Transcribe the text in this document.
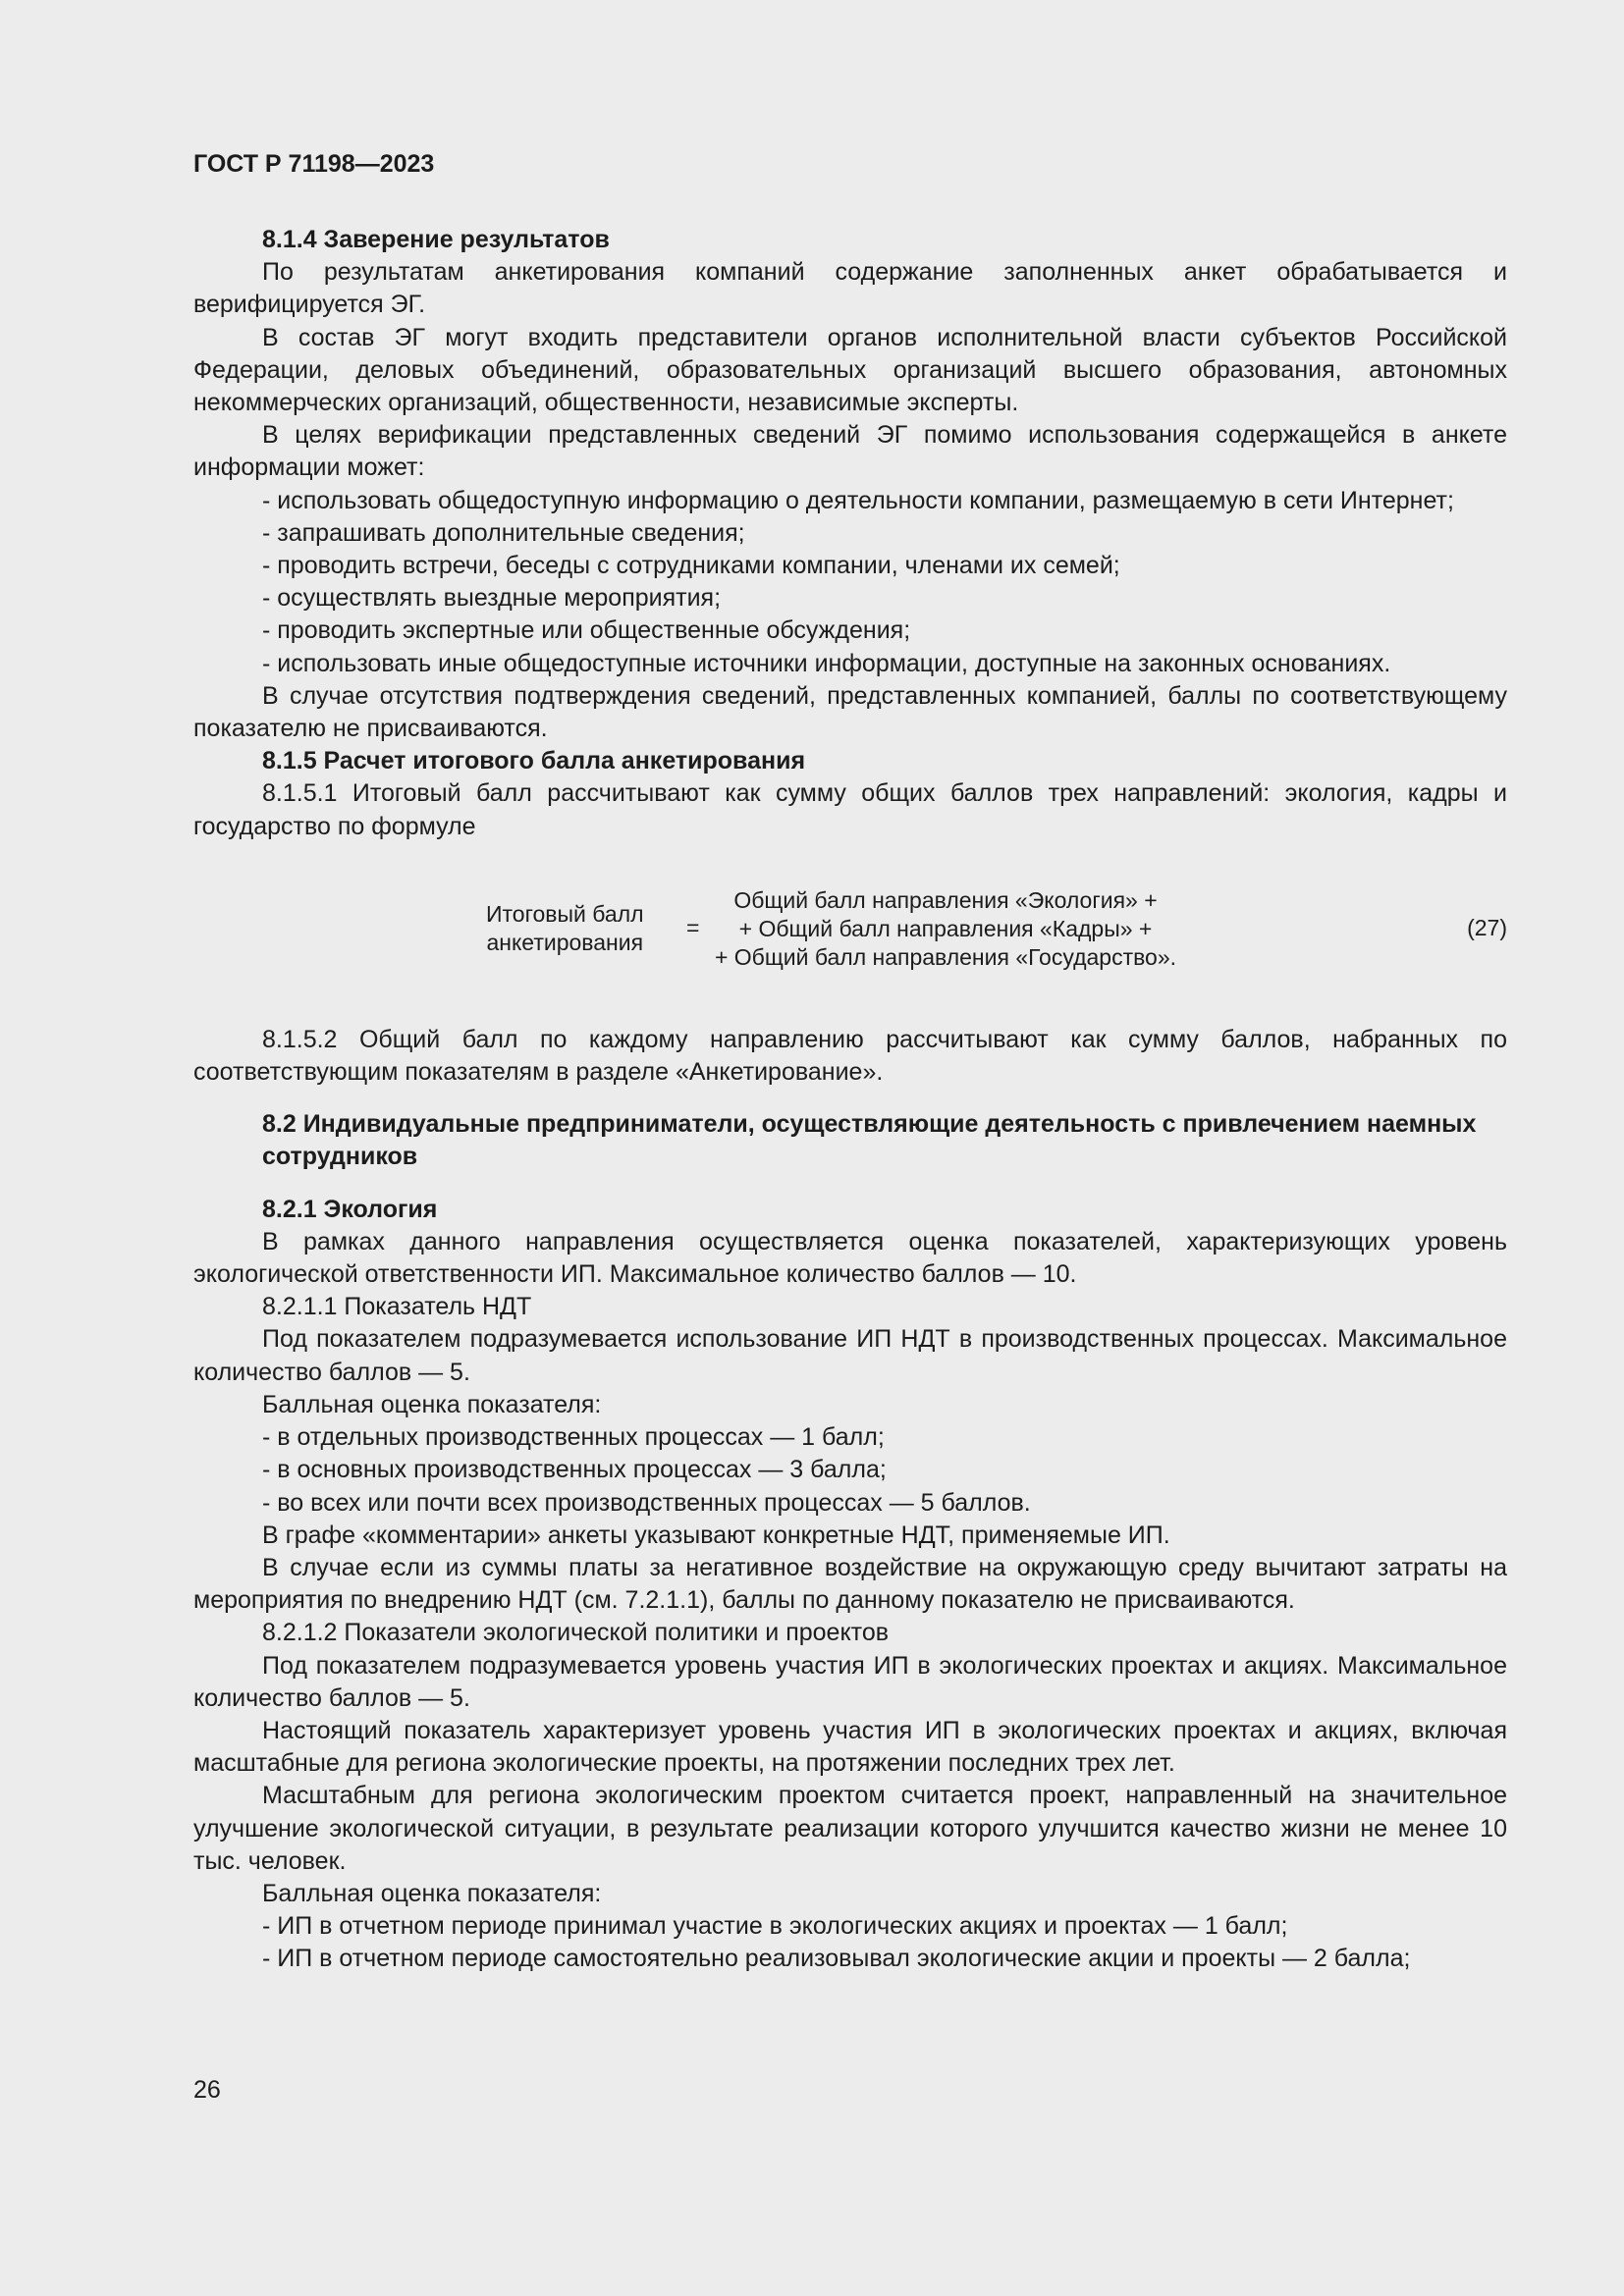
ГОСТ Р 71198—2023

8.1.4 Заверение результатов

По результатам анкетирования компаний содержание заполненных анкет обрабатывается и верифицируется ЭГ.

В состав ЭГ могут входить представители органов исполнительной власти субъектов Российской Федерации, деловых объединений, образовательных организаций высшего образования, автономных некоммерческих организаций, общественности, независимые эксперты.

В целях верификации представленных сведений ЭГ помимо использования содержащейся в анкете информации может:

- использовать общедоступную информацию о деятельности компании, размещаемую в сети Интернет;

- запрашивать дополнительные сведения;

- проводить встречи, беседы с сотрудниками компании, членами их семей;

- осуществлять выездные мероприятия;

- проводить экспертные или общественные обсуждения;

- использовать иные общедоступные источники информации, доступные на законных основаниях.

В случае отсутствия подтверждения сведений, представленных компанией, баллы по соответствующему показателю не присваиваются.

8.1.5 Расчет итогового балла анкетирования

8.1.5.1 Итоговый балл рассчитывают как сумму общих баллов трех направлений: экология, кадры и государство по формуле

Итоговый балл
анкетирования
=
Общий балл направления «Экология» +
+ Общий балл направления «Кадры» +
+ Общий балл направления «Государство».
(27)

8.1.5.2 Общий балл по каждому направлению рассчитывают как сумму баллов, набранных по соответствующим показателям в разделе «Анкетирование».

8.2 Индивидуальные предприниматели, осуществляющие деятельность с привлечением наемных сотрудников

8.2.1 Экология

В рамках данного направления осуществляется оценка показателей, характеризующих уровень экологической ответственности ИП. Максимальное количество баллов — 10.

8.2.1.1 Показатель НДТ

Под показателем подразумевается использование ИП НДТ в производственных процессах. Максимальное количество баллов — 5.

Балльная оценка показателя:

- в отдельных производственных процессах — 1 балл;

- в основных производственных процессах — 3 балла;

- во всех или почти всех производственных процессах — 5 баллов.

В графе «комментарии» анкеты указывают конкретные НДТ, применяемые ИП.

В случае если из суммы платы за негативное воздействие на окружающую среду вычитают затраты на мероприятия по внедрению НДТ (см. 7.2.1.1), баллы по данному показателю не присваиваются.

8.2.1.2 Показатели экологической политики и проектов

Под показателем подразумевается уровень участия ИП в экологических проектах и акциях. Максимальное количество баллов — 5.

Настоящий показатель характеризует уровень участия ИП в экологических проектах и акциях, включая масштабные для региона экологические проекты, на протяжении последних трех лет.

Масштабным для региона экологическим проектом считается проект, направленный на значительное улучшение экологической ситуации, в результате реализации которого улучшится качество жизни не менее 10 тыс. человек.

Балльная оценка показателя:

- ИП в отчетном периоде принимал участие в экологических акциях и проектах — 1 балл;

- ИП в отчетном периоде самостоятельно реализовывал экологические акции и проекты — 2 балла;

26
